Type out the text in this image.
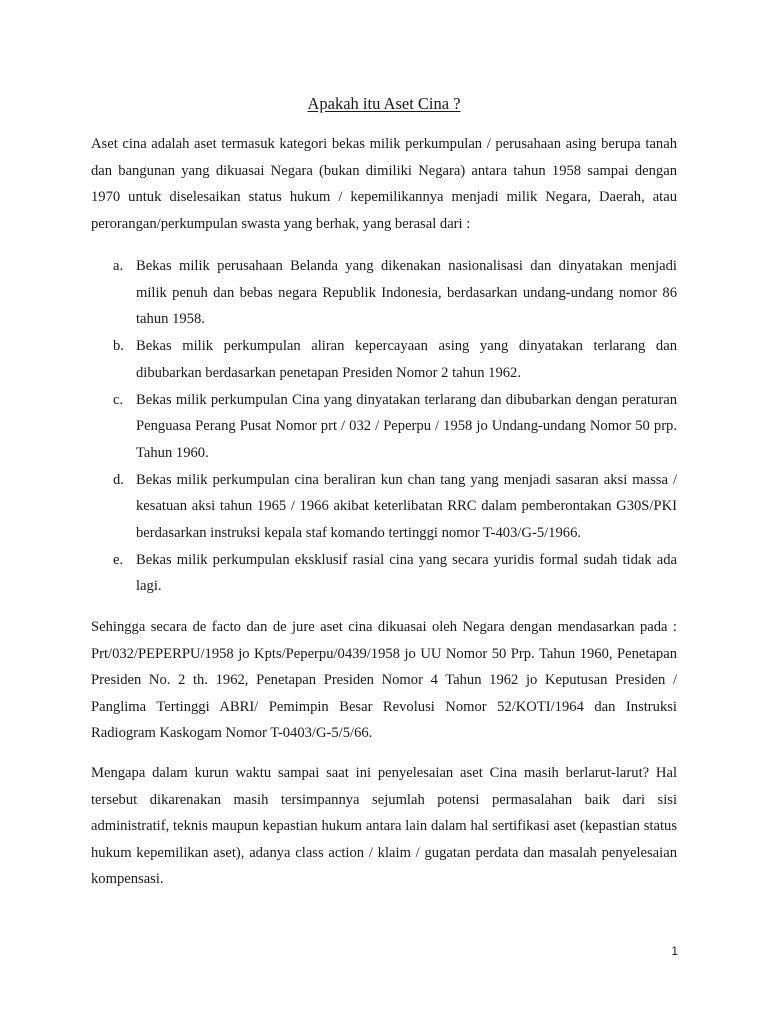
Apakah itu Aset Cina ?

Aset cina adalah aset termasuk kategori bekas milik perkumpulan / perusahaan asing berupa tanah dan bangunan yang dikuasai Negara (bukan dimiliki Negara) antara tahun 1958 sampai dengan 1970 untuk diselesaikan status hukum / kepemilikannya menjadi milik Negara, Daerah, atau perorangan/perkumpulan swasta yang berhak, yang berasal dari :

a. Bekas milik perusahaan Belanda yang dikenakan nasionalisasi dan dinyatakan menjadi milik penuh dan bebas negara Republik Indonesia, berdasarkan undang-undang nomor 86 tahun 1958.
b. Bekas milik perkumpulan aliran kepercayaan asing yang dinyatakan terlarang dan dibubarkan berdasarkan penetapan Presiden Nomor 2 tahun 1962.
c. Bekas milik perkumpulan Cina yang dinyatakan terlarang dan dibubarkan dengan peraturan Penguasa Perang Pusat Nomor prt / 032 / Peperpu / 1958 jo Undang-undang Nomor 50 prp. Tahun 1960.
d. Bekas milik perkumpulan cina beraliran kun chan tang yang menjadi sasaran aksi massa / kesatuan aksi tahun 1965 / 1966 akibat keterlibatan RRC dalam pemberontakan G30S/PKI berdasarkan instruksi kepala staf komando tertinggi nomor T-403/G-5/1966.
e. Bekas milik perkumpulan eksklusif rasial cina yang secara yuridis formal sudah tidak ada lagi.

Sehingga secara de facto dan de jure aset cina dikuasai oleh Negara dengan mendasarkan pada : Prt/032/PEPERPU/1958 jo Kpts/Peperpu/0439/1958 jo UU Nomor 50 Prp. Tahun 1960, Penetapan Presiden No. 2 th. 1962, Penetapan Presiden Nomor 4 Tahun 1962 jo Keputusan Presiden / Panglima Tertinggi ABRI/ Pemimpin Besar Revolusi Nomor 52/KOTI/1964 dan Instruksi Radiogram Kaskogam Nomor T-0403/G-5/5/66.

Mengapa dalam kurun waktu sampai saat ini penyelesaian aset Cina masih berlarut-larut? Hal tersebut dikarenakan masih tersimpannya sejumlah potensi permasalahan baik dari sisi administratif, teknis maupun kepastian hukum antara lain dalam hal sertifikasi aset (kepastian status hukum kepemilikan aset), adanya class action / klaim / gugatan perdata dan masalah penyelesaian kompensasi.

1
